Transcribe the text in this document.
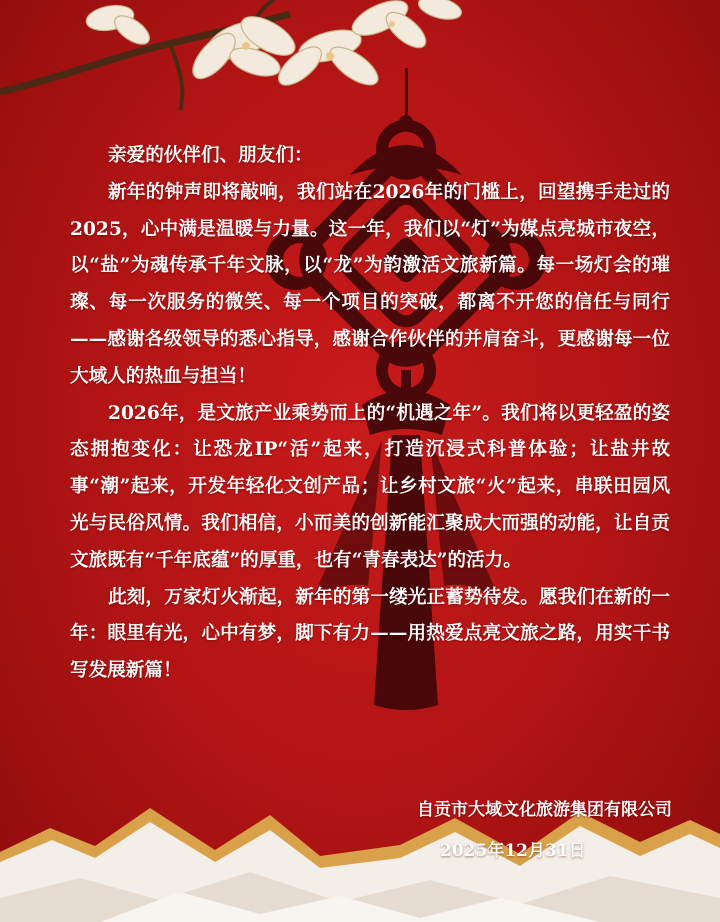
亲爱的伙伴们、朋友们：

新年的钟声即将敲响，我们站在2026年的门槛上，回望携手走过的2025，心中满是温暖与力量。这一年，我们以“灯”为媒点亮城市夜空，以“盐”为魂传承千年文脉，以“龙”为韵激活文旅新篇。每一场灯会的璀璨、每一次服务的微笑、每一个项目的突破，都离不开您的信任与同行——感谢各级领导的悉心指导，感谢合作伙伴的并肩奋斗，更感谢每一位大域人的热血与担当！

2026年，是文旅产业乘势而上的“机遇之年”。我们将以更轻盈的姿态拥抱变化：让恐龙IP“活”起来，打造沉浸式科普体验；让盐井故事“潮”起来，开发年轻化文创产品；让乡村文旅“火”起来，串联田园风光与民俗风情。我们相信，小而美的创新能汇聚成大而强的动能，让自贡文旅既有“千年底蕴”的厚重，也有“青春表达”的活力。

此刻，万家灯火渐起，新年的第一缕光正蓄势待发。愿我们在新的一年：眼里有光，心中有梦，脚下有力——用热爱点亮文旅之路，用实干书写发展新篇！

自贡市大域文化旅游集团有限公司
2025年12月31日
